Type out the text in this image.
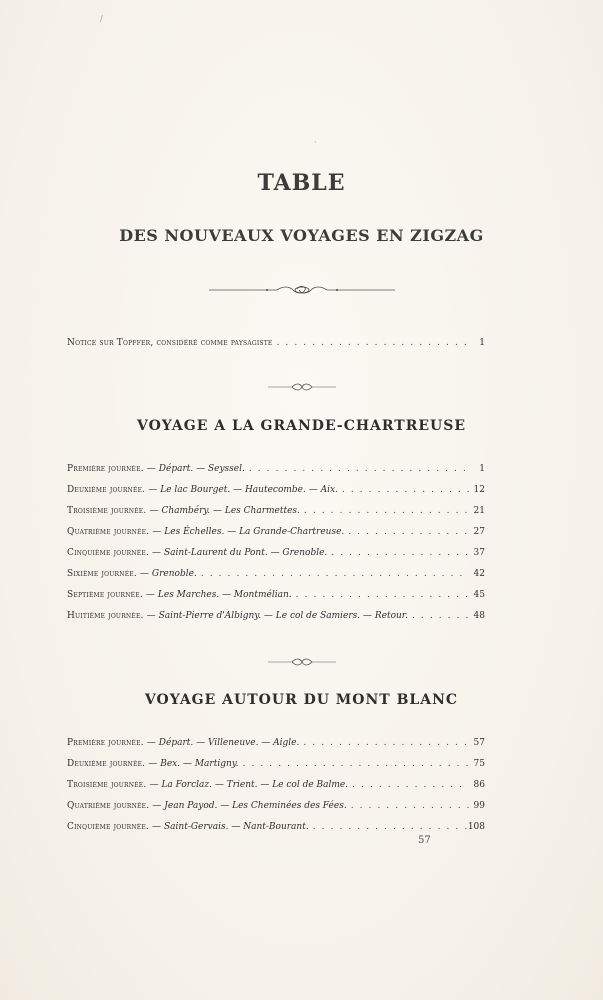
TABLE
DES NOUVEAUX VOYAGES EN ZIGZAG
Notice sur Topffer, considéré comme paysagiste . . .	1
VOYAGE A LA GRANDE-CHARTREUSE
Première journée. — Départ. — Seyssel. . . .	1
Deuxième journée. — Le lac Bourget. — Hautecombe. — Aix. . . .	12
Troisième journée. — Chambéry. — Les Charmettes. . . .	21
Quatrième journée. — Les Échelles. — La Grande-Chartreuse. . . .	27
Cinquième journée. — Saint-Laurent du Pont. — Grenoble. . . .	37
Sixième journée. — Grenoble. . . .	42
Septième journée. — Les Marches. — Montmélian. . . .	45
Huitième journée. — Saint-Pierre d'Albigny. — Le col de Samiers. — Retour. . . .	48
VOYAGE AUTOUR DU MONT BLANC
Première journée. — Départ. — Villeneuve. — Aigle. . . .	57
Deuxième journée. — Bex. — Martigny. . . .	75
Troisième journée. — La Forclaz. — Trient. — Le col de Balme. . . .	86
Quatrième journée. — Jean Payod. — Les Cheminées des Fées. . . .	99
Cinquième journée. — Saint-Gervais. — Nant-Bourant. . . .	108
57
/
·
